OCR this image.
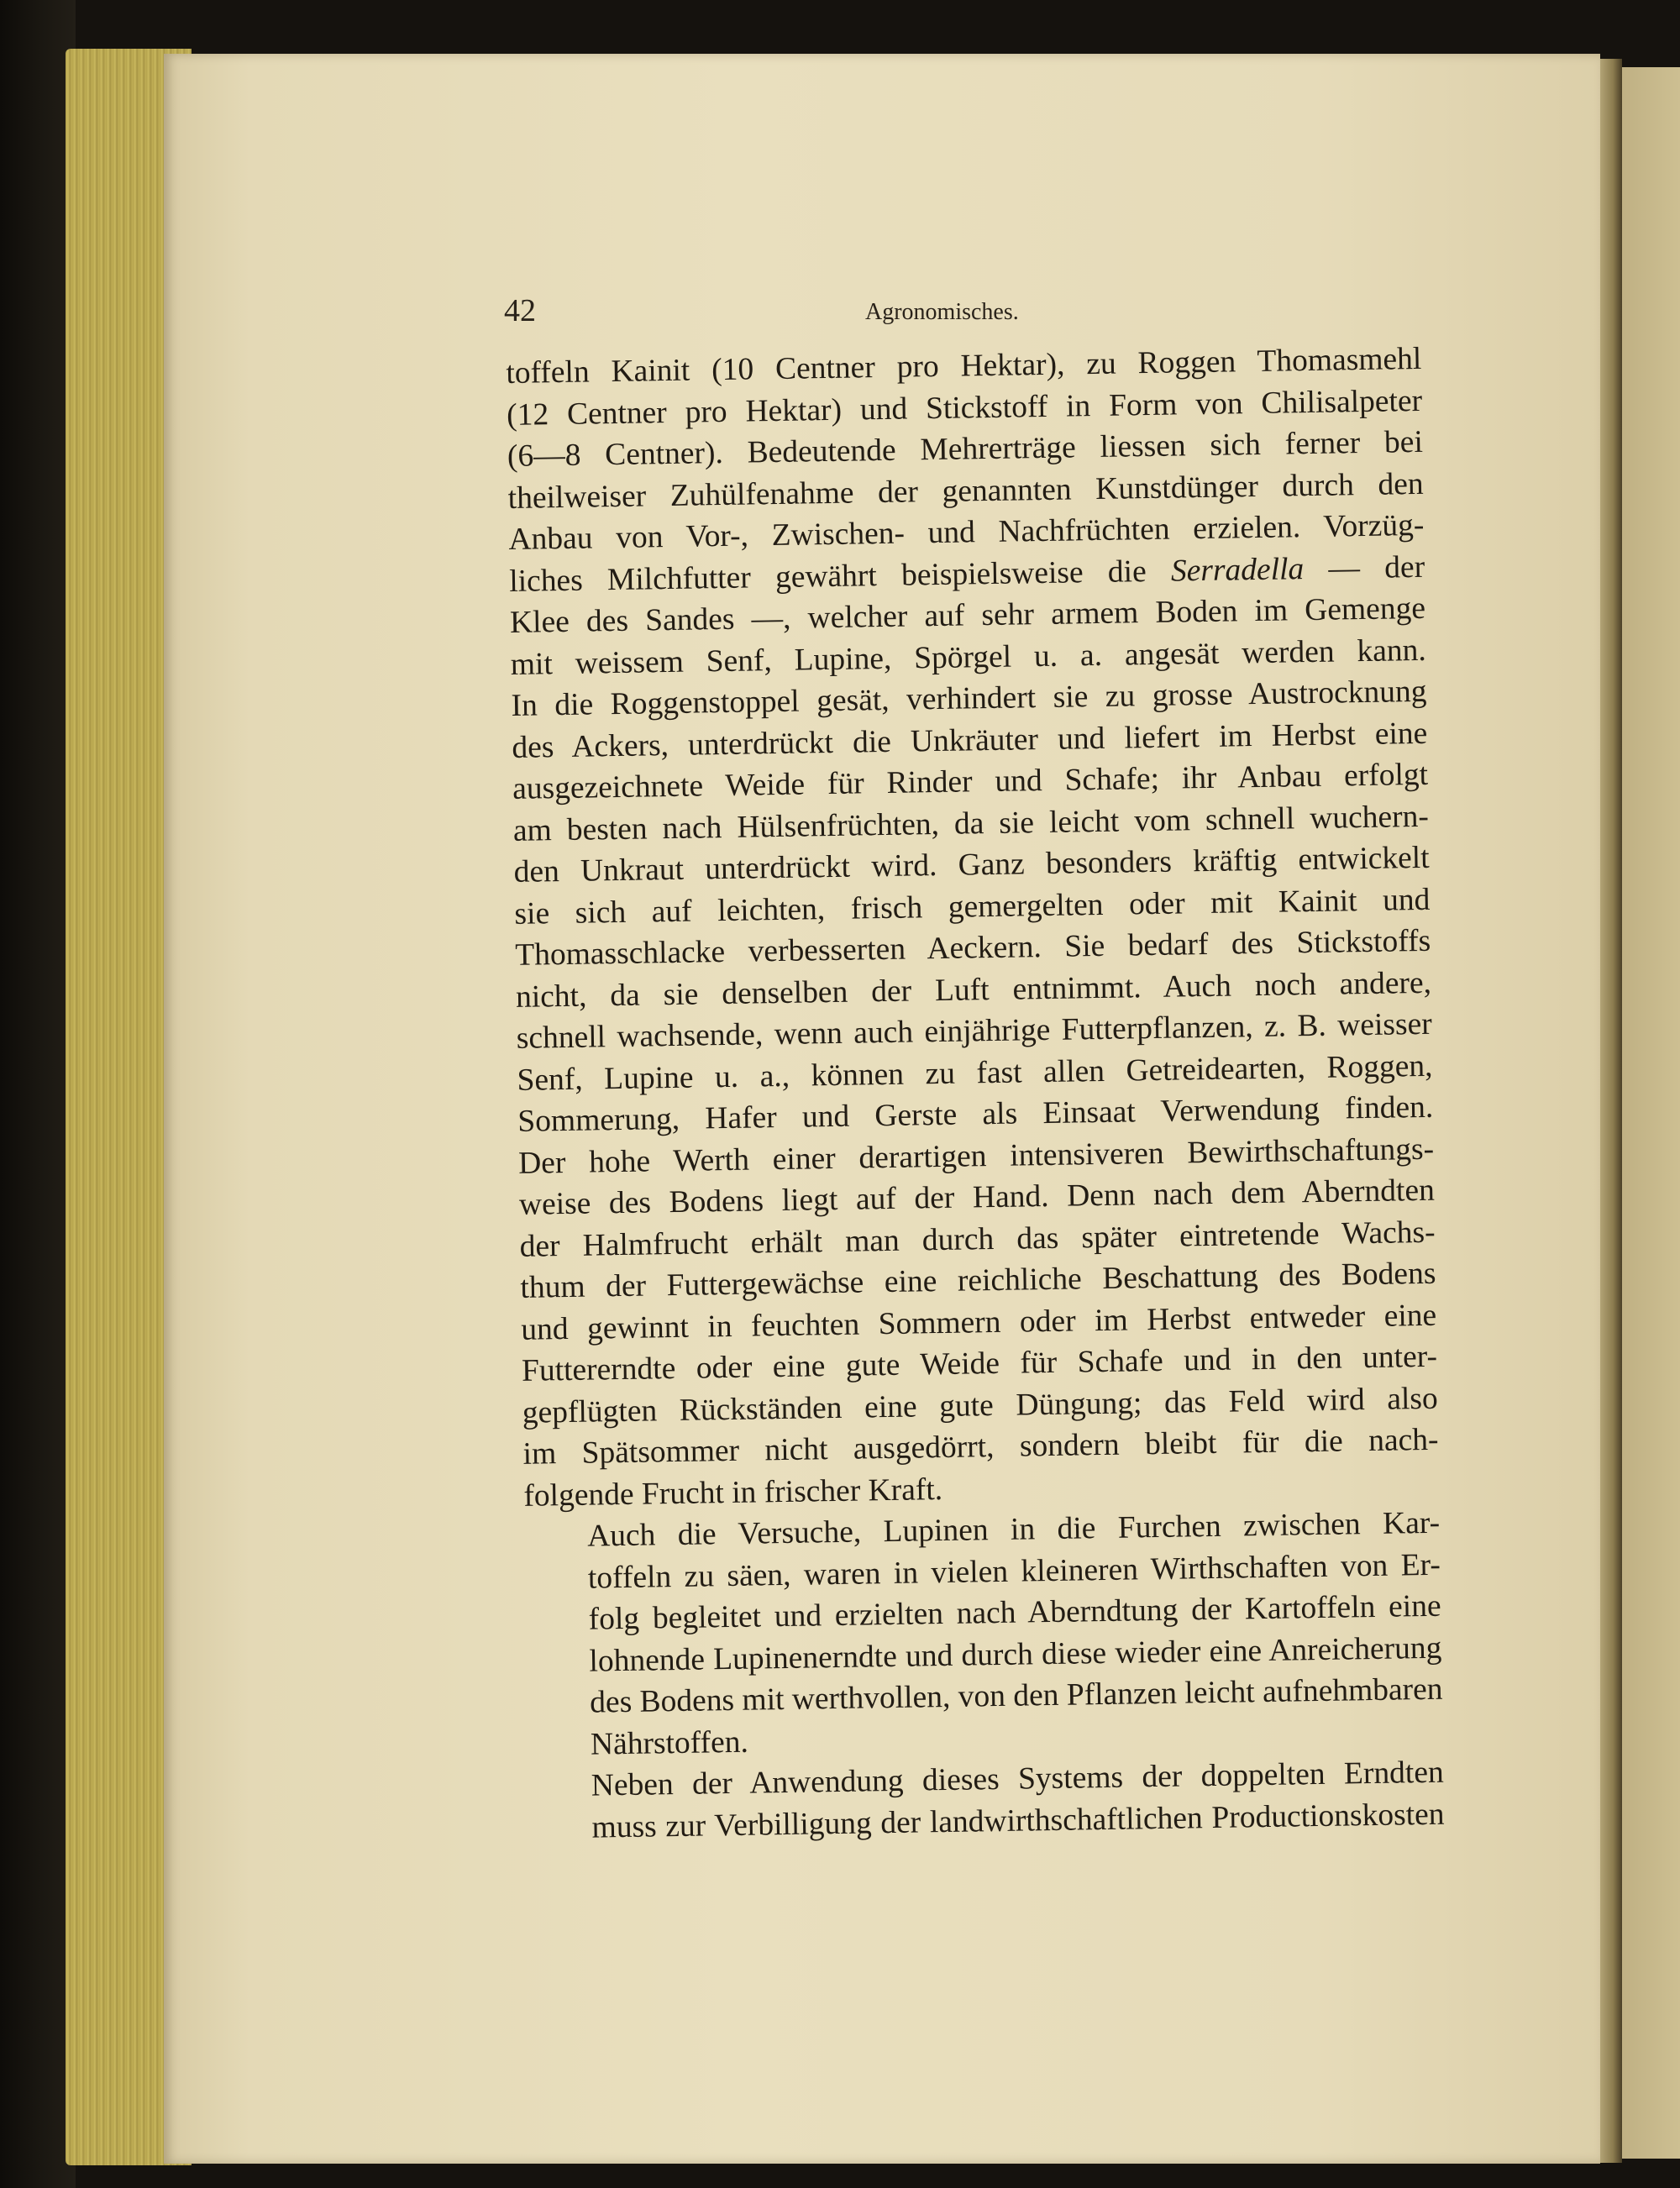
42	Agronomisches.

toffeln Kainit (10 Centner pro Hektar), zu Roggen Thomasmehl
(12 Centner pro Hektar) und Stickstoff in Form von Chilisalpeter
(6—8 Centner). Bedeutende Mehrerträge liessen sich ferner bei
theilweiser Zuhülfenahme der genannten Kunstdünger durch den
Anbau von Vor-, Zwischen- und Nachfrüchten erzielen. Vorzüg-
liches Milchfutter gewährt beispielsweise die Serradella — der
Klee des Sandes —, welcher auf sehr armem Boden im Gemenge
mit weissem Senf, Lupine, Spörgel u. a. angesät werden kann.
In die Roggenstoppel gesät, verhindert sie zu grosse Austrocknung
des Ackers, unterdrückt die Unkräuter und liefert im Herbst eine
ausgezeichnete Weide für Rinder und Schafe; ihr Anbau erfolgt
am besten nach Hülsenfrüchten, da sie leicht vom schnell wuchern-
den Unkraut unterdrückt wird. Ganz besonders kräftig entwickelt
sie sich auf leichten, frisch gemergelten oder mit Kainit und
Thomasschlacke verbesserten Aeckern. Sie bedarf des Stickstoffs
nicht, da sie denselben der Luft entnimmt. Auch noch andere,
schnell wachsende, wenn auch einjährige Futterpflanzen, z. B. weisser
Senf, Lupine u. a., können zu fast allen Getreidearten, Roggen,
Sommerung, Hafer und Gerste als Einsaat Verwendung finden.
Der hohe Werth einer derartigen intensiveren Bewirthschaftungs-
weise des Bodens liegt auf der Hand. Denn nach dem Aberndten
der Halmfrucht erhält man durch das später eintretende Wachs-
thum der Futtergewächse eine reichliche Beschattung des Bodens
und gewinnt in feuchten Sommern oder im Herbst entweder eine
Futtererndte oder eine gute Weide für Schafe und in den unter-
gepflügten Rückständen eine gute Düngung; das Feld wird also
im Spätsommer nicht ausgedörrt, sondern bleibt für die nach-
folgende Frucht in frischer Kraft.

Auch die Versuche, Lupinen in die Furchen zwischen Kar-
toffeln zu säen, waren in vielen kleineren Wirthschaften von Er-
folg begleitet und erzielten nach Aberndtung der Kartoffeln eine
lohnende Lupinenerndte und durch diese wieder eine Anreicherung
des Bodens mit werthvollen, von den Pflanzen leicht aufnehmbaren
Nährstoffen.

Neben der Anwendung dieses Systems der doppelten Erndten
muss zur Verbilligung der landwirthschaftlichen Productionskosten
